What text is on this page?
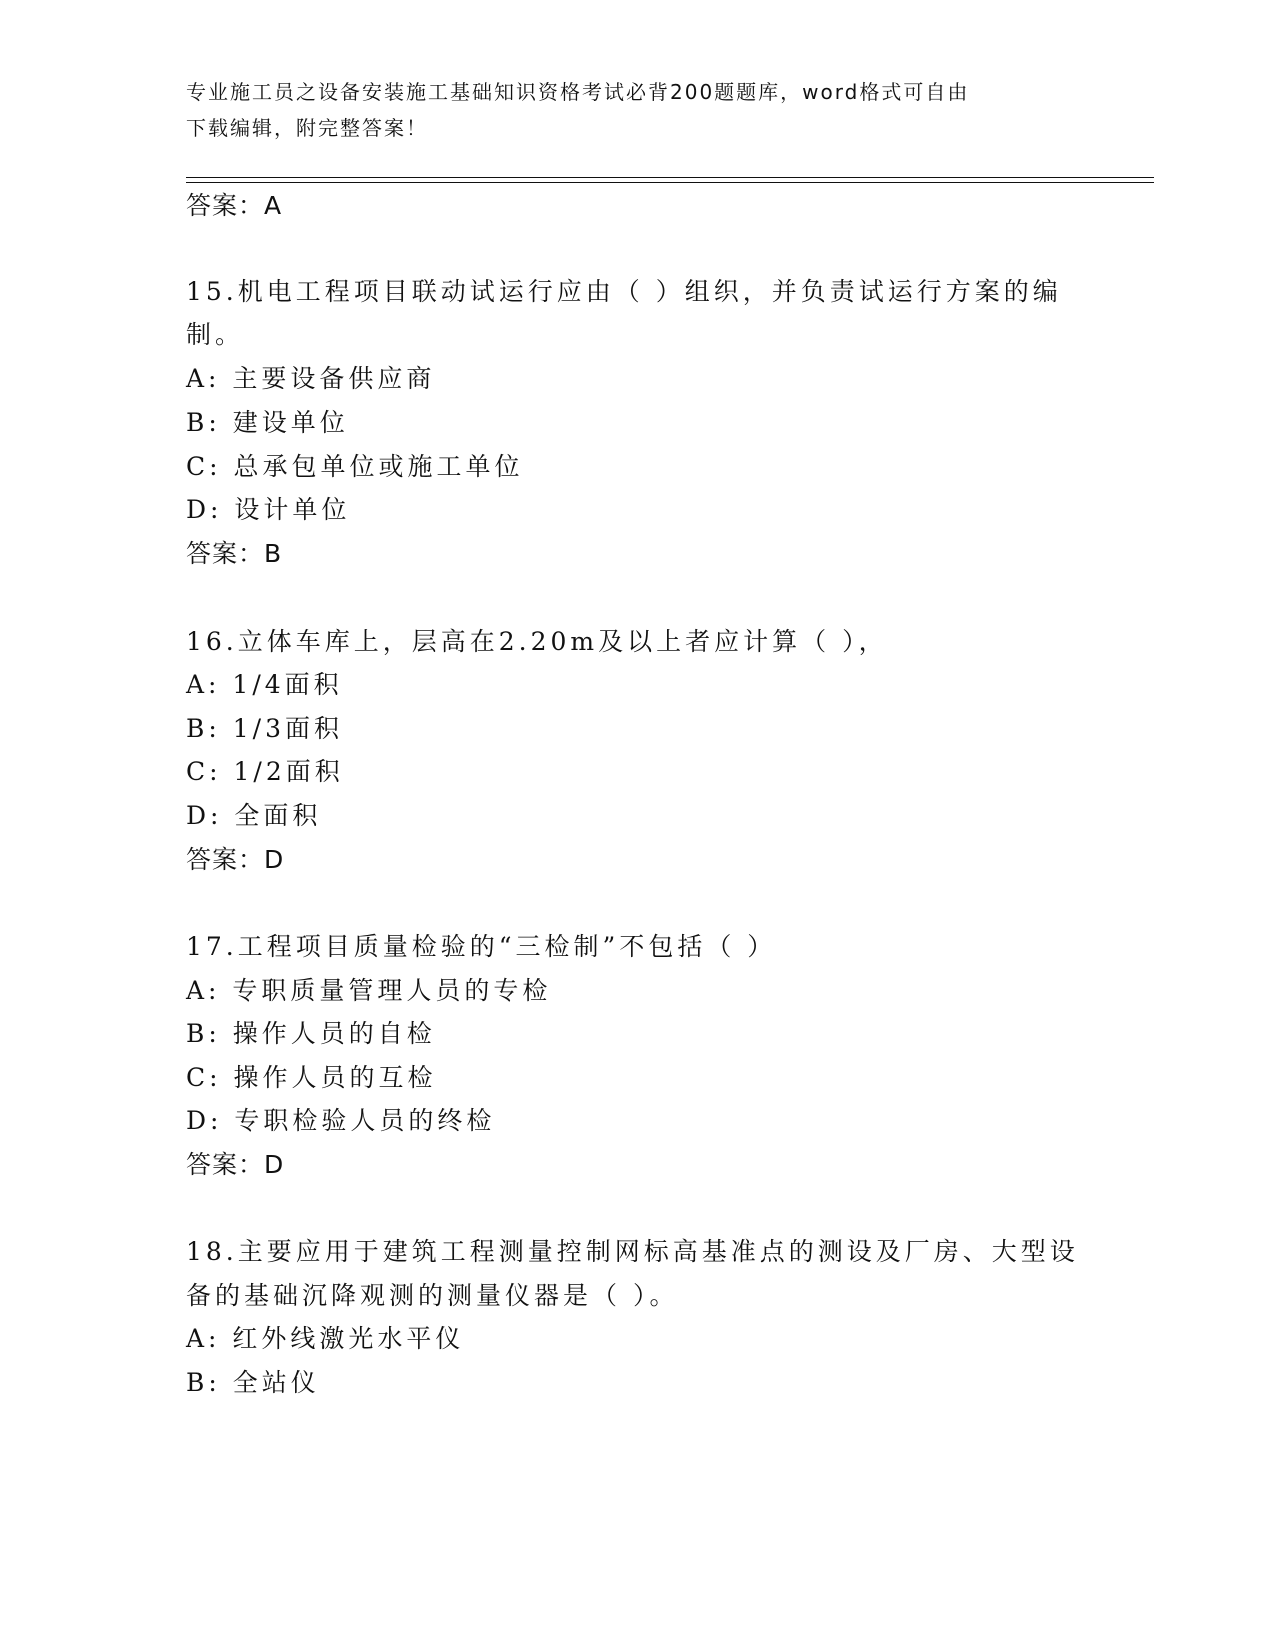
专业施工员之设备安装施工基础知识资格考试必背200题题库，word格式可自由
下载编辑，附完整答案！
答案：A
15.机电工程项目联动试运行应由（ ）组织，并负责试运行方案的编
制。
A: 主要设备供应商
B: 建设单位
C: 总承包单位或施工单位
D: 设计单位
答案：B
16.立体车库上，层高在2.20m及以上者应计算（ ），
A: 1/4面积
B: 1/3面积
C: 1/2面积
D: 全面积
答案：D
17.工程项目质量检验的“三检制”不包括（ ）
A: 专职质量管理人员的专检
B: 操作人员的自检
C: 操作人员的互检
D: 专职检验人员的终检
答案：D
18.主要应用于建筑工程测量控制网标高基准点的测设及厂房、大型设
备的基础沉降观测的测量仪器是（ ）。
A: 红外线激光水平仪
B: 全站仪
